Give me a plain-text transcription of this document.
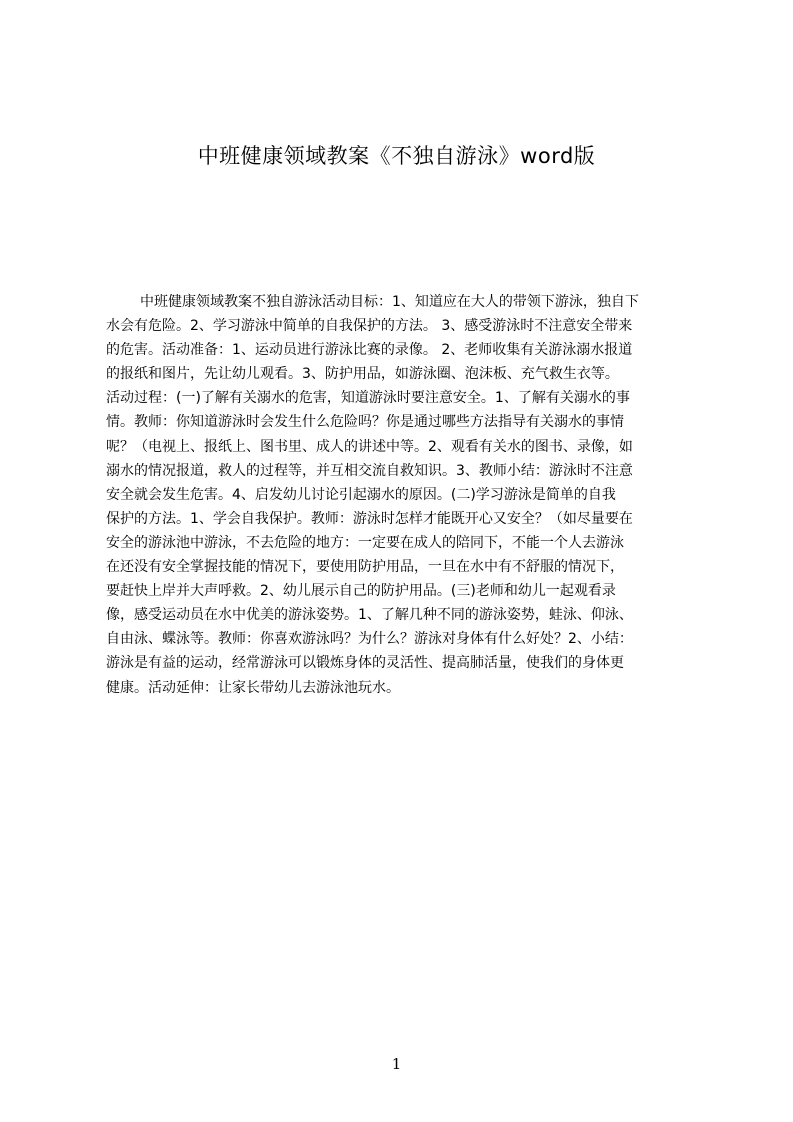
中班健康领域教案《不独自游泳》word版
中班健康领域教案不独自游泳活动目标：1、知道应在大人的带领下游泳，独自下
水会有危险。2、学习游泳中简单的自我保护的方法。 3、感受游泳时不注意安全带来
的危害。活动准备：1、运动员进行游泳比赛的录像。 2、老师收集有关游泳溺水报道
的报纸和图片，先让幼儿观看。3、防护用品，如游泳圈、泡沫板、充气救生衣等。
活动过程：(一)了解有关溺水的危害，知道游泳时要注意安全。1、了解有关溺水的事
情。教师：你知道游泳时会发生什么危险吗？你是通过哪些方法指导有关溺水的事情
呢？（电视上、报纸上、图书里、成人的讲述中等。2、观看有关水的图书、录像，如
溺水的情况报道，救人的过程等，并互相交流自救知识。3、教师小结：游泳时不注意
安全就会发生危害。4、启发幼儿讨论引起溺水的原因。(二)学习游泳是简单的自我
保护的方法。1、学会自我保护。教师：游泳时怎样才能既开心又安全？（如尽量要在
安全的游泳池中游泳，不去危险的地方：一定要在成人的陪同下，不能一个人去游泳
在还没有安全掌握技能的情况下，要使用防护用品，一旦在水中有不舒服的情况下，
要赶快上岸并大声呼救。2、幼儿展示自己的防护用品。(三)老师和幼儿一起观看录
像，感受运动员在水中优美的游泳姿势。1、了解几种不同的游泳姿势，蛙泳、仰泳、
自由泳、蝶泳等。教师：你喜欢游泳吗？为什么？游泳对身体有什么好处？2、小结：
游泳是有益的运动，经常游泳可以锻炼身体的灵活性、提高肺活量，使我们的身体更
健康。活动延伸：让家长带幼儿去游泳池玩水。
1
